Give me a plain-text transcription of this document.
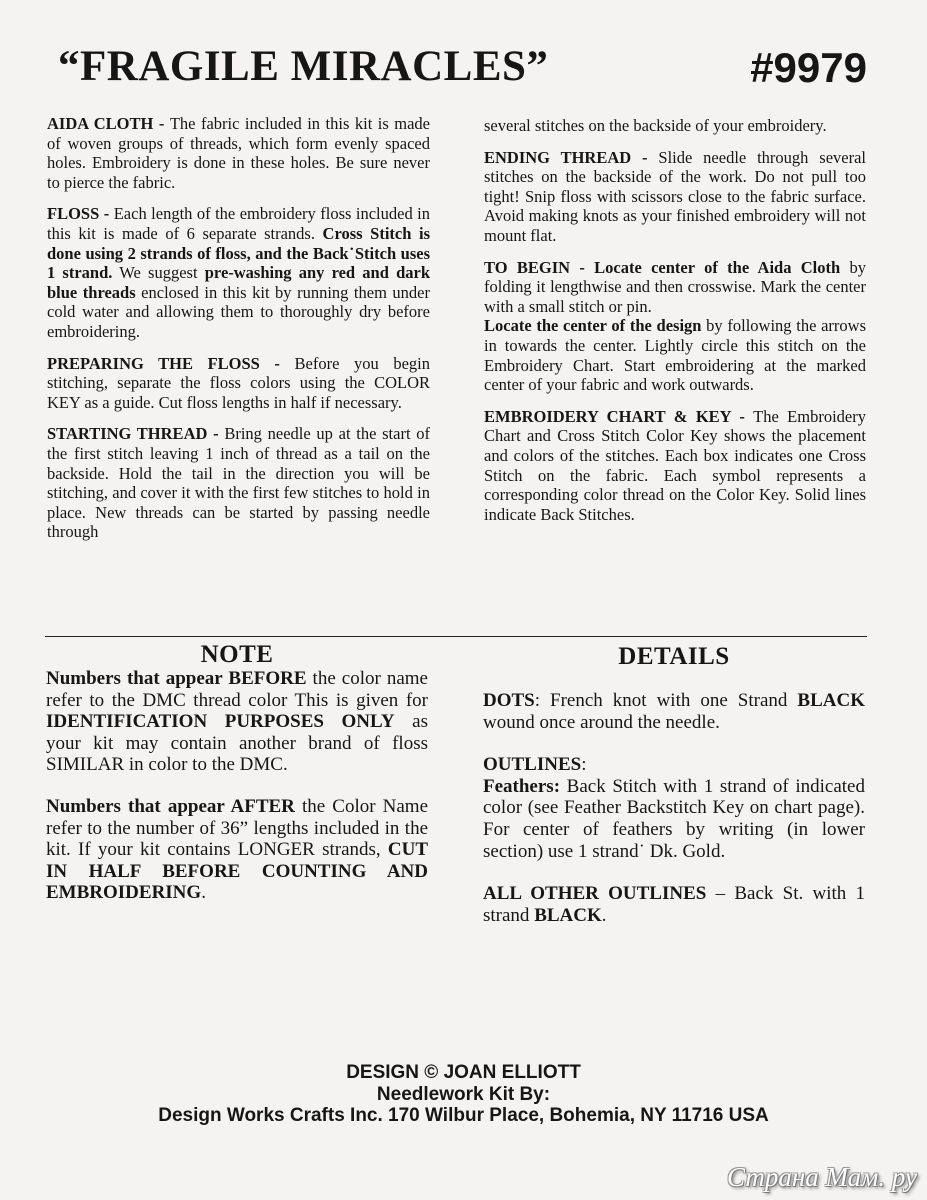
“FRAGILE MIRACLES”	#9979

AIDA CLOTH - The fabric included in this kit is made of woven groups of threads, which form evenly spaced holes. Embroidery is done in these holes. Be sure never to pierce the fabric.

FLOSS - Each length of the embroidery floss included in this kit is made of 6 separate strands. Cross Stitch is done using 2 strands of floss, and the Back˙Stitch uses 1 strand. We suggest pre-washing any red and dark blue threads enclosed in this kit by running them under cold water and allowing them to thoroughly dry before embroidering.

PREPARING THE FLOSS - Before you begin stitching, separate the floss colors using the COLOR KEY as a guide. Cut floss lengths in half if necessary.

STARTING THREAD - Bring needle up at the start of the first stitch leaving 1 inch of thread as a tail on the backside. Hold the tail in the direction you will be stitching, and cover it with the first few stitches to hold in place. New threads can be started by passing needle through

several stitches on the backside of your embroidery.

ENDING THREAD - Slide needle through several stitches on the backside of the work. Do not pull too tight! Snip floss with scissors close to the fabric surface. Avoid making knots as your finished embroidery will not mount flat.

TO BEGIN - Locate center of the Aida Cloth by folding it lengthwise and then crosswise. Mark the center with a small stitch or pin.

Locate the center of the design by following the arrows in towards the center. Lightly circle this stitch on the Embroidery Chart. Start embroidering at the marked center of your fabric and work outwards.

EMBROIDERY CHART & KEY - The Embroidery Chart and Cross Stitch Color Key shows the placement and colors of the stitches. Each box indicates one Cross Stitch on the fabric. Each symbol represents a corresponding color thread on the Color Key. Solid lines indicate Back Stitches.

NOTE

Numbers that appear BEFORE the color name refer to the DMC thread color This is given for IDENTIFICATION PURPOSES ONLY as your kit may contain another brand of floss SIMILAR in color to the DMC.

Numbers that appear AFTER the Color Name refer to the number of 36” lengths included in the kit. If your kit contains LONGER strands, CUT IN HALF BEFORE COUNTING AND EMBROIDERING.

DETAILS

DOTS: French knot with one Strand BLACK wound once around the needle.

OUTLINES:
Feathers: Back Stitch with 1 strand of indicated color (see Feather Backstitch Key on chart page). For center of feathers by writing (in lower section) use 1 strand˙ Dk. Gold.

ALL OTHER OUTLINES – Back St. with 1 strand BLACK.

DESIGN © JOAN ELLIOTT
Needlework Kit By:
Design Works Crafts Inc. 170 Wilbur Place, Bohemia, NY 11716 USA
Страна Мам. ру
